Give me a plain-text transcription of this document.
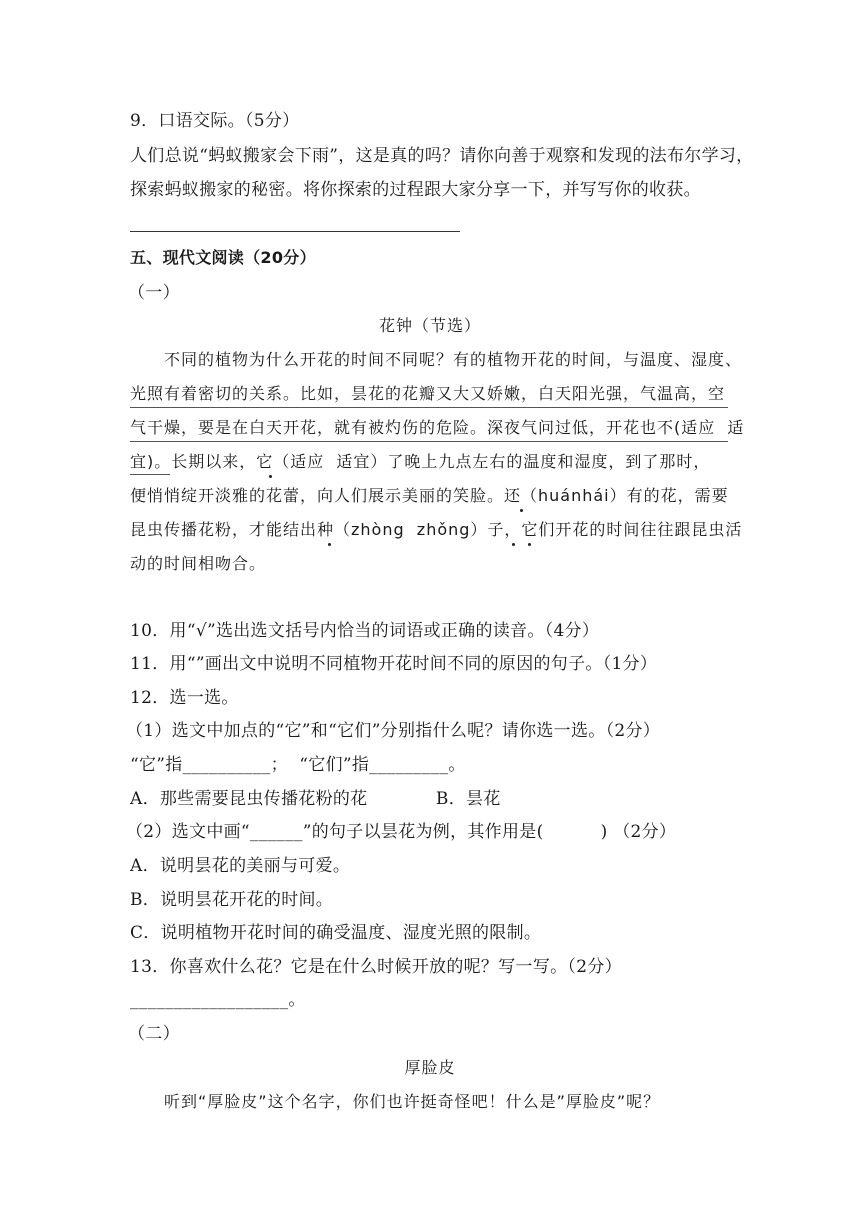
9．口语交际。（5分）
人们总说“蚂蚁搬家会下雨”，这是真的吗？请你向善于观察和发现的法布尔学习，
探索蚂蚁搬家的秘密。将你探索的过程跟大家分享一下，并写写你的收获。
五、现代文阅读（20分）
（一）
花钟（节选）
　　不同的植物为什么开花的时间不同呢？有的植物开花的时间，与温度、湿度、
光照有着密切的关系。比如，昙花的花瓣又大又娇嫩，白天阳光强，气温高，空
气干燥，要是在白天开花，就有被灼伤的危险。深夜气问过低，开花也不(适应  适
宜)。长期以来，它（适应  适宜）了晚上九点左右的温度和湿度，到了那时，
便悄悄绽开淡雅的花蕾，向人们展示美丽的笑脸。还（huánhái）有的花，需要
昆虫传播花粉，才能结出种（zhòng  zhǒng）子，它们开花的时间往往跟昆虫活
动的时间相吻合。
10．用“√”选出选文括号内恰当的词语或正确的读音。（4分）
11．用“”画出文中说明不同植物开花时间不同的原因的句子。（1分）
12．选一选。
（1）选文中加点的“它”和“它们”分别指什么呢？请你选一选。（2分）
“它”指__________；  “它们”指_________。
A．那些需要昆虫传播花粉的花            B．昙花
（2）选文中画“______”的句子以昙花为例，其作用是(          ) （2分）
A．说明昙花的美丽与可爱。
B．说明昙花开花的时间。
C．说明植物开花时间的确受温度、湿度光照的限制。
13．你喜欢什么花？它是在什么时候开放的呢？写一写。（2分）
__________________。
（二）
厚脸皮
　　听到“厚脸皮”这个名字，你们也许挺奇怪吧！什么是”厚脸皮”呢？
